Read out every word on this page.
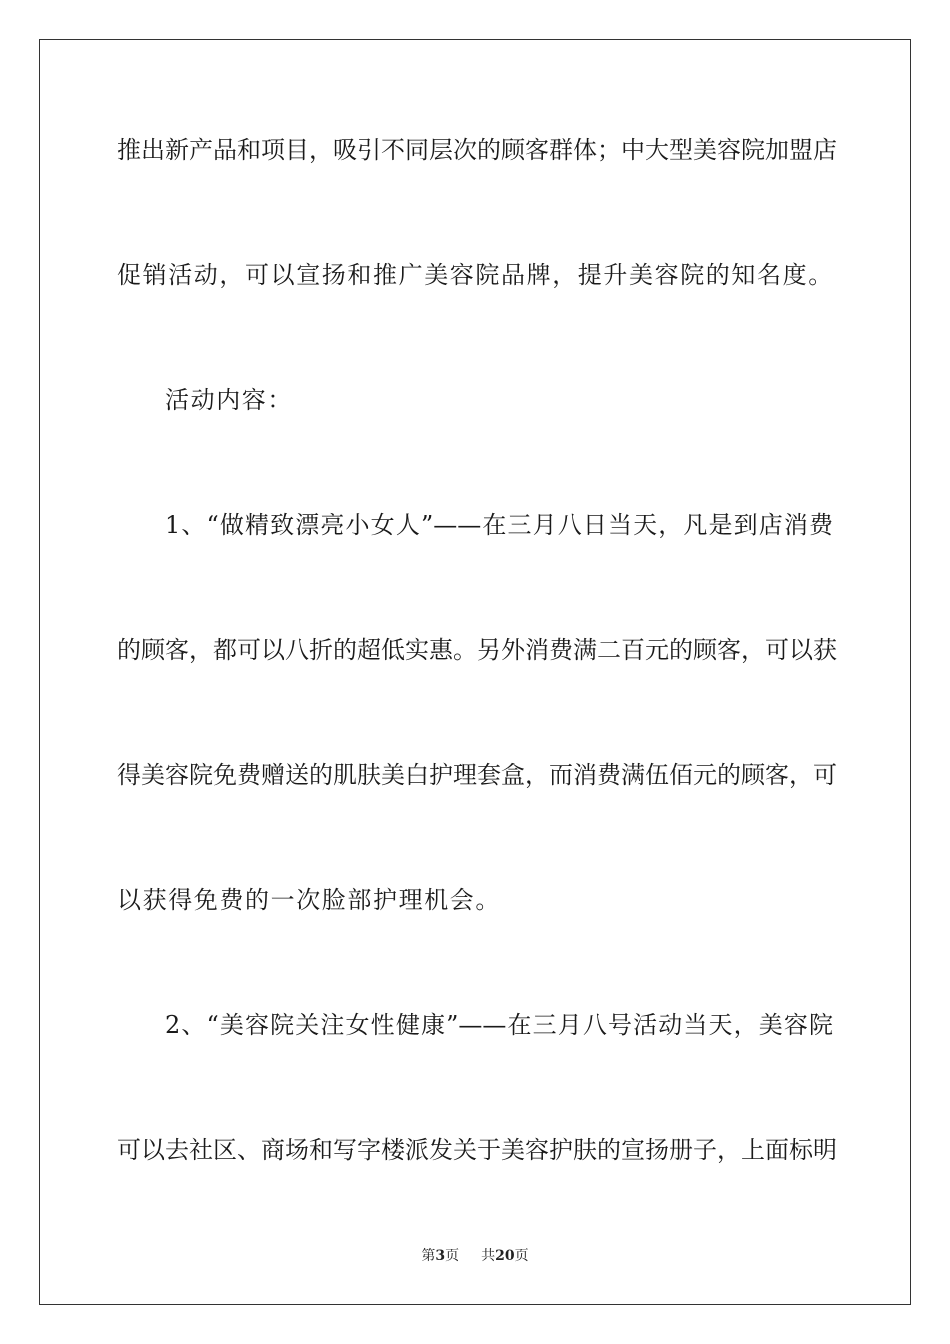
推出新产品和项目，吸引不同层次的顾客群体；中大型美容院加盟店
促销活动，可以宣扬和推广美容院品牌，提升美容院的知名度。
活动内容：
1、“做精致漂亮小女人”——在三月八日当天，凡是到店消费
的顾客，都可以八折的超低实惠。另外消费满二百元的顾客，可以获
得美容院免费赠送的肌肤美白护理套盒，而消费满伍佰元的顾客，可
以获得免费的一次脸部护理机会。
2、“美容院关注女性健康”——在三月八号活动当天，美容院
可以去社区、商场和写字楼派发关于美容护肤的宣扬册子，上面标明
第3页 共20页
